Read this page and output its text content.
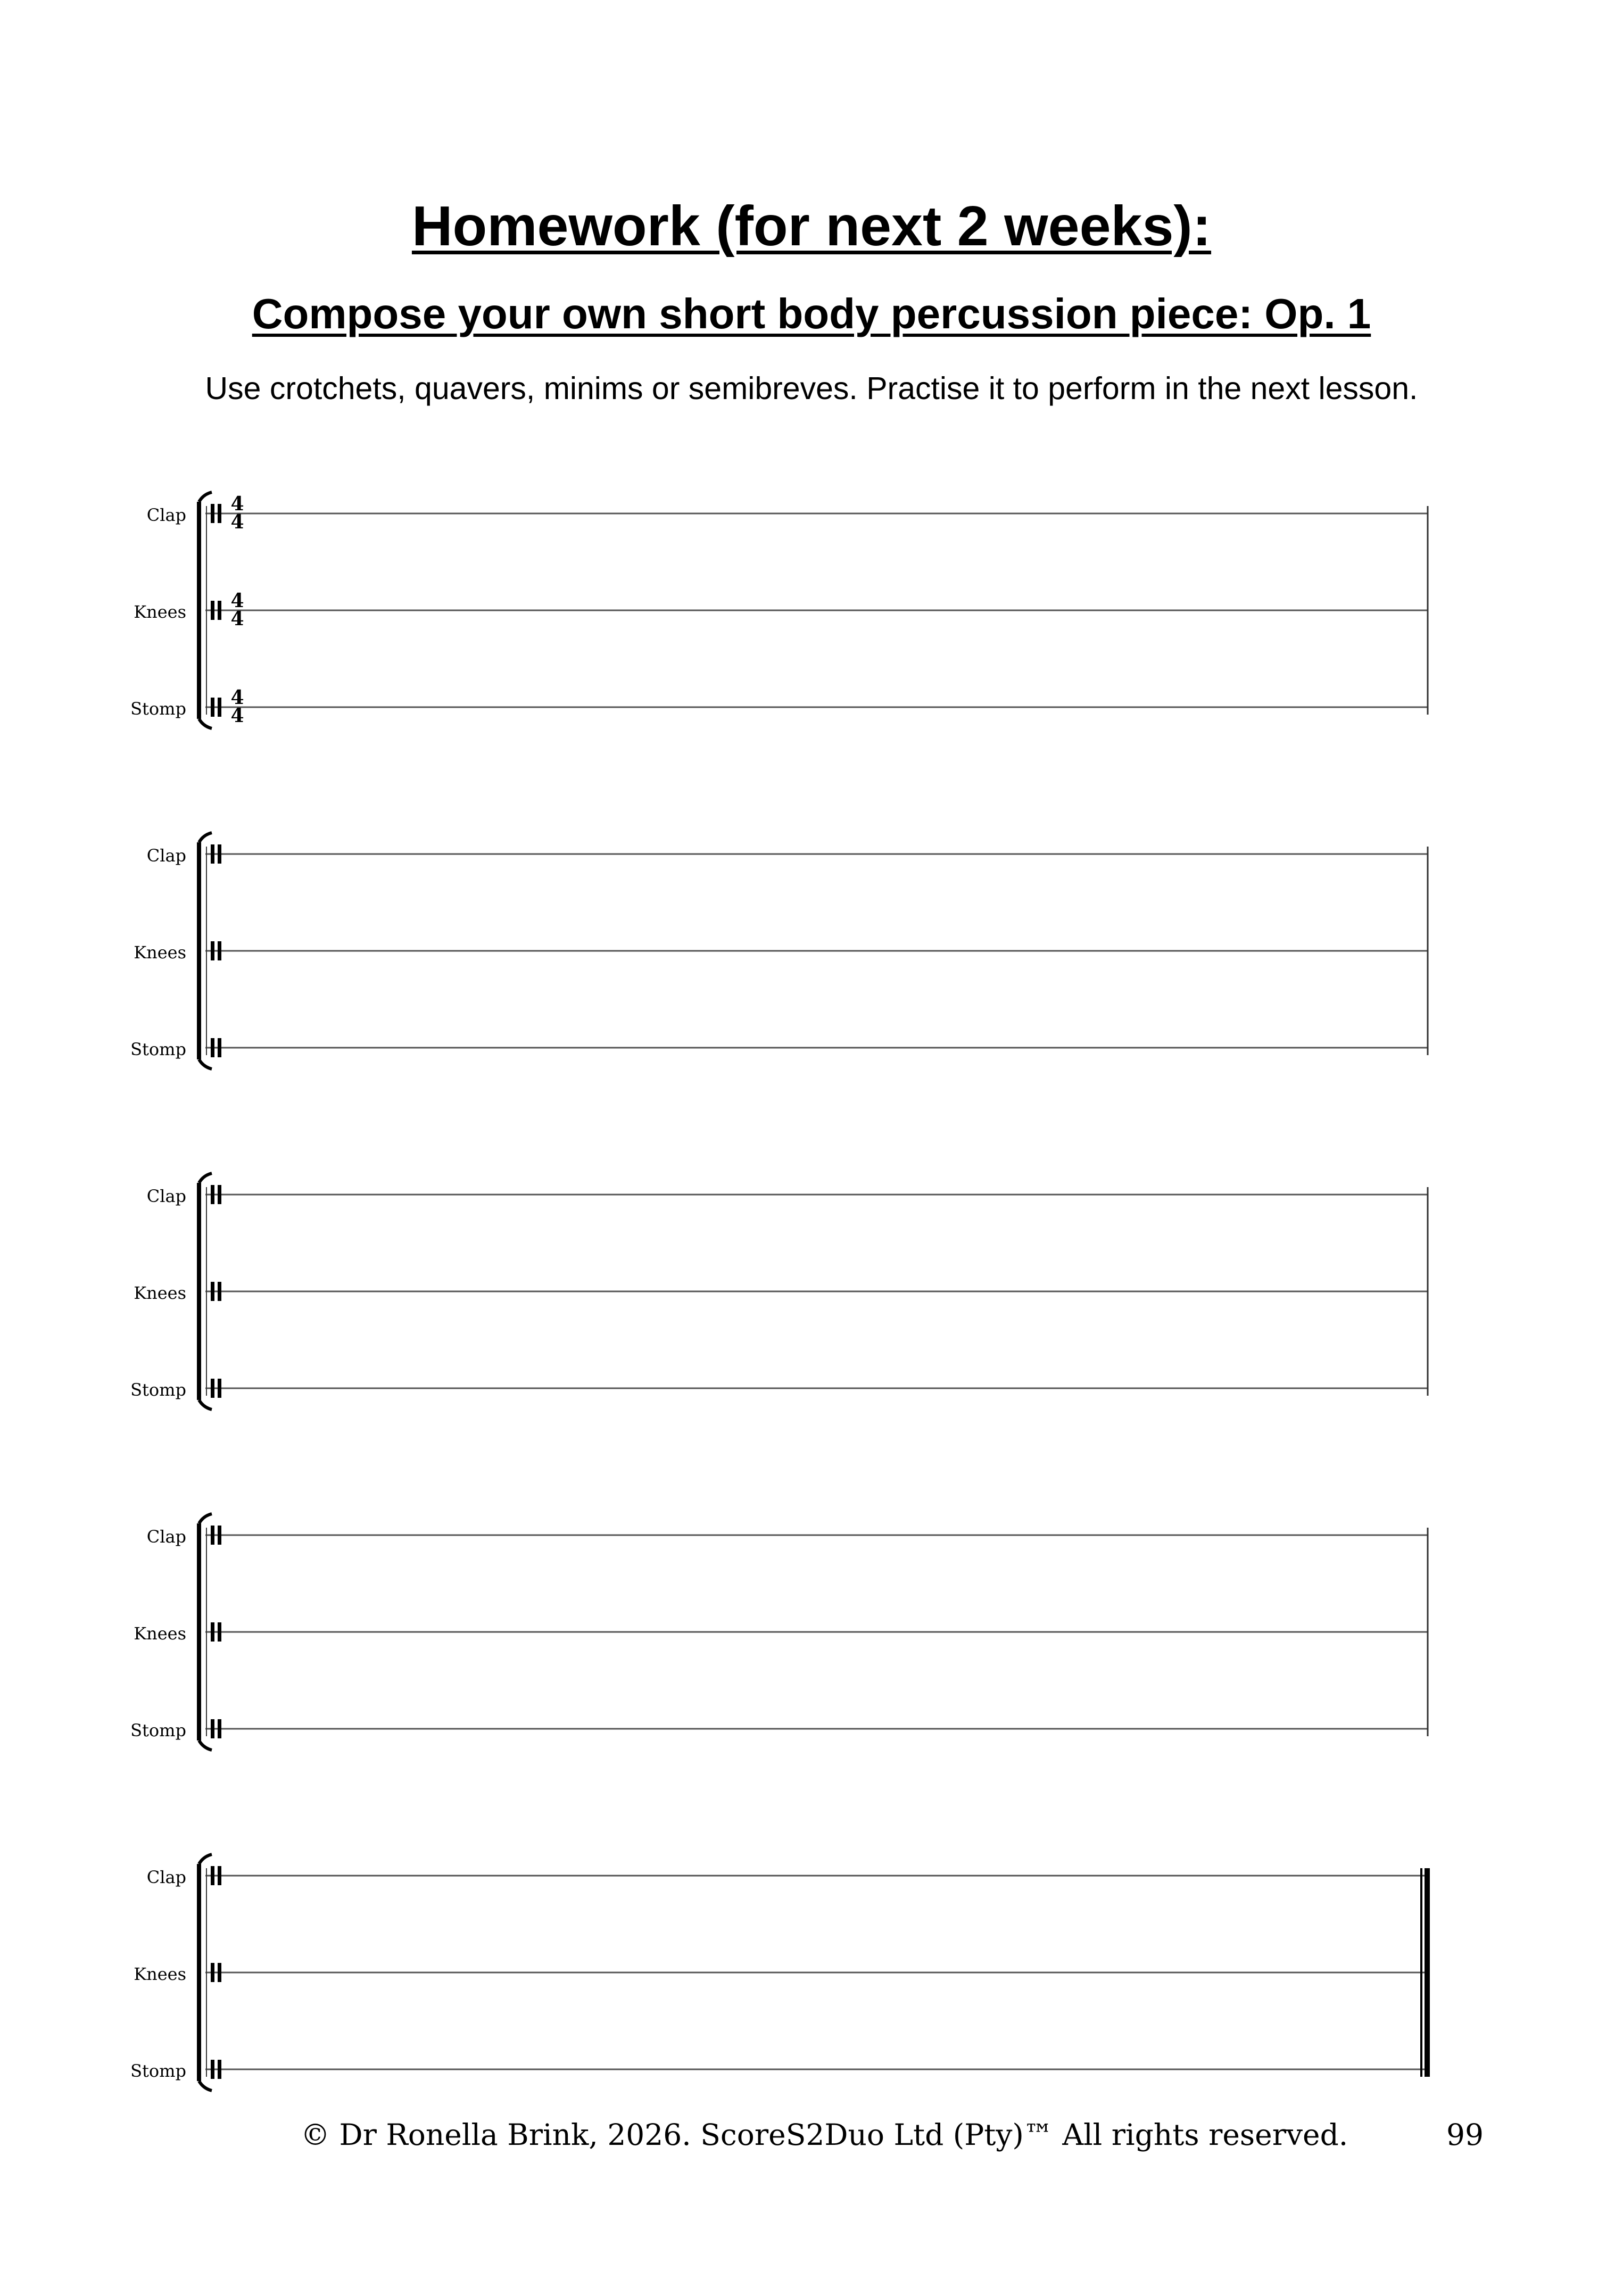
Homework (for next 2 weeks):
Compose your own short body percussion piece: Op. 1
Use crotchets, quavers, minims or semibreves. Practise it to perform in the next lesson.
Clap 4
4
Knees 4
4
Stomp 4
4
Clap
Knees
Stomp
Clap
Knees
Stomp
Clap
Knees
Stomp
Clap
Knees
Stomp
© Dr Ronella Brink, 2026. ScoreS2Duo Ltd (Pty)™ All rights reserved.	99
